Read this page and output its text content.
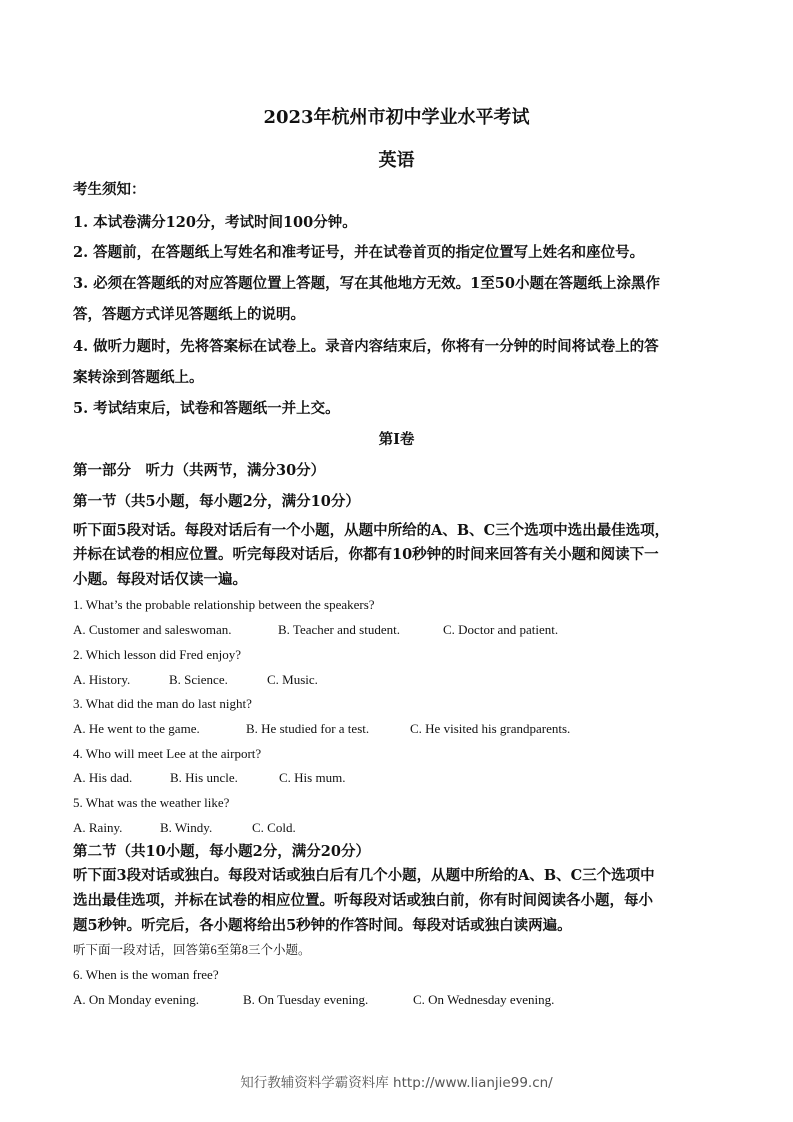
2023年杭州市初中学业水平考试
英语
考生须知：
1. 本试卷满分120分，考试时间100分钟。
2. 答题前，在答题纸上写姓名和准考证号，并在试卷首页的指定位置写上姓名和座位号。
3. 必须在答题纸的对应答题位置上答题，写在其他地方无效。1至50小题在答题纸上涂黑作
答，答题方式详见答题纸上的说明。
4. 做听力题时，先将答案标在试卷上。录音内容结束后，你将有一分钟的时间将试卷上的答
案转涂到答题纸上。
5. 考试结束后，试卷和答题纸一并上交。
第Ⅰ卷
第一部分　听力（共两节，满分30分）
第一节（共5小题，每小题2分，满分10分）
听下面5段对话。每段对话后有一个小题，从题中所给的A、B、C三个选项中选出最佳选项，
并标在试卷的相应位置。听完每段对话后，你都有10秒钟的时间来回答有关小题和阅读下一
小题。每段对话仅读一遍。
1. What’s the probable relationship between the speakers?
A. Customer and saleswoman.	B. Teacher and student.	C. Doctor and patient.
2. Which lesson did Fred enjoy?
A. History.	B. Science.	C. Music.
3. What did the man do last night?
A. He went to the game.	B. He studied for a test.	C. He visited his grandparents.
4. Who will meet Lee at the airport?
A. His dad.	B. His uncle.	C. His mum.
5. What was the weather like?
A. Rainy.	B. Windy.	C. Cold.
第二节（共10小题，每小题2分，满分20分）
听下面3段对话或独白。每段对话或独白后有几个小题，从题中所给的A、B、C三个选项中
选出最佳选项，并标在试卷的相应位置。听每段对话或独白前，你有时间阅读各小题，每小
题5秒钟。听完后，各小题将给出5秒钟的作答时间。每段对话或独白读两遍。
听下面一段对话，回答第6至第8三个小题。
6. When is the woman free?
A. On Monday evening.	B. On Tuesday evening.	C. On Wednesday evening.
知行教辅资料学霸资料库 http://www.lianjie99.cn/
